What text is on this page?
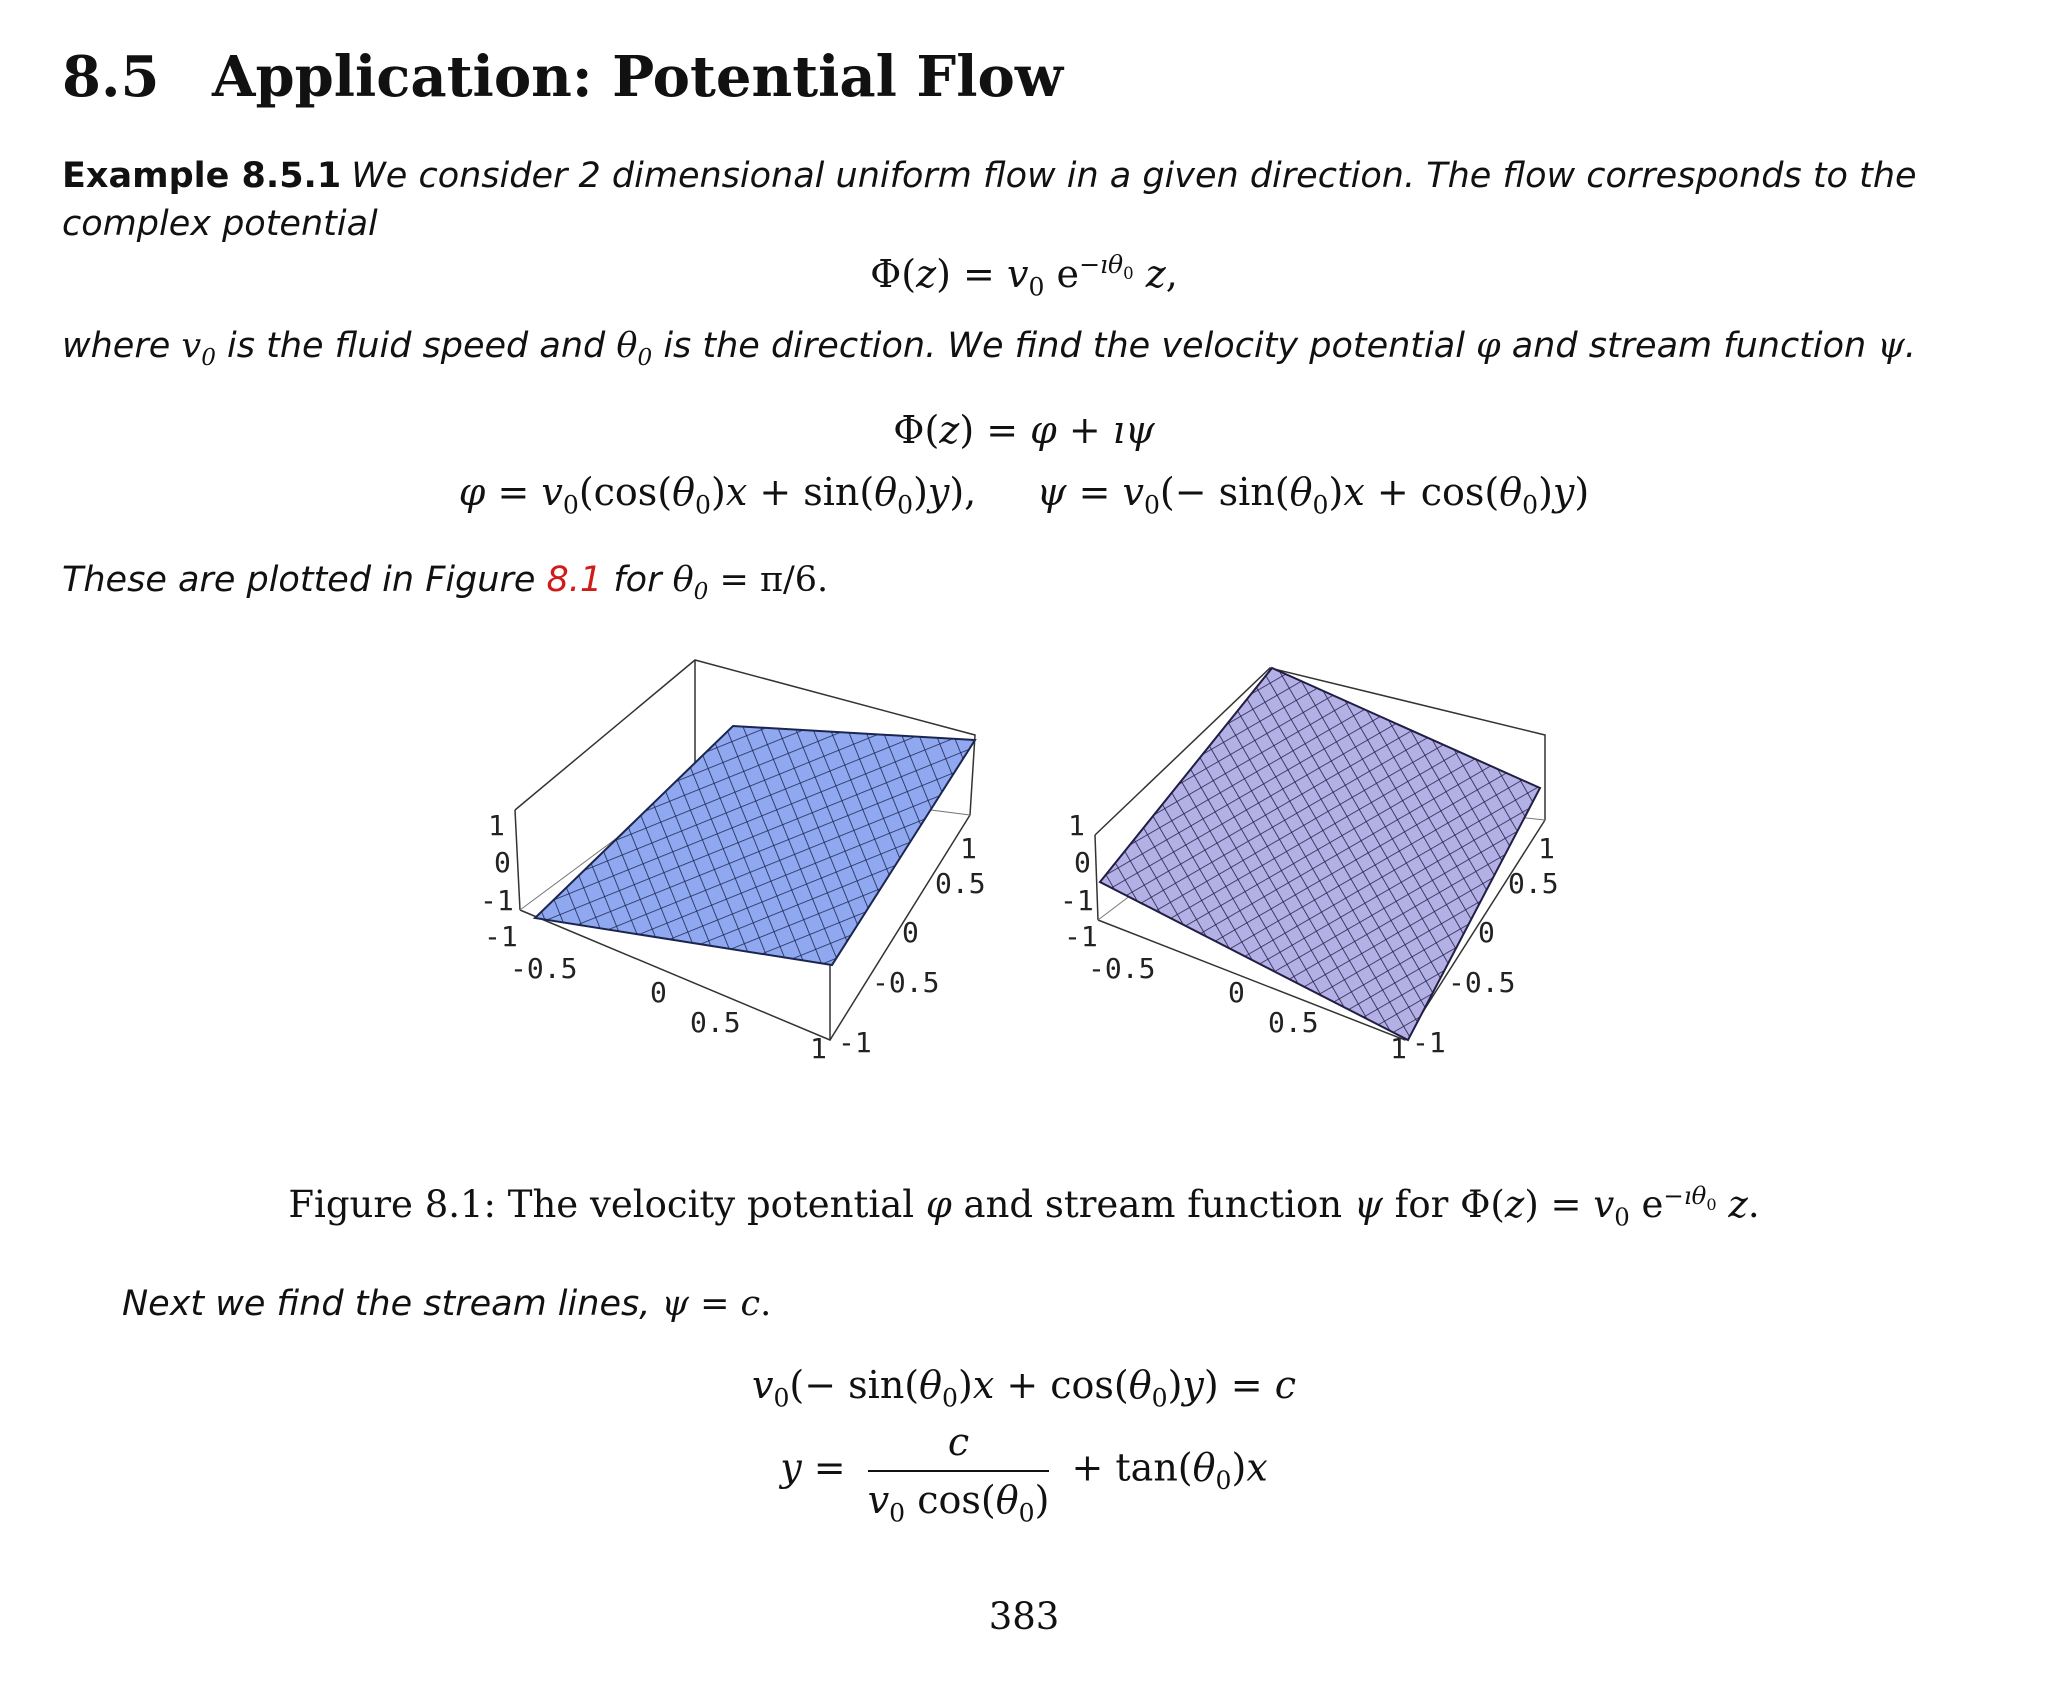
8.5 Application: Potential Flow
Example 8.5.1 We consider 2 dimensional uniform flow in a given direction. The flow corresponds to the complex potential
$\Phi(z) = v_0$ $e^{-ı\theta_0}$ z,
where $v_0$ is the fluid speed and $\theta_0$ is the direction. We find the velocity potential φ and stream function ψ.
Φ(z) = φ + ıψ
$\varphi = v_0(\cos(\theta_0)x + \sin(\theta_0)y)$,     $\psi = v_0(- \sin(\theta_0)x + \cos(\theta_0)y)$
These are plotted in Figure 8.1 for $\theta_0 = \pi/6$.
1
0
-1
-1
-0.5
0
0.5
1 -1
-0.5
0
0.5
1
1
0
-1
-1
-0.5
0
0.5
1 -1
-0.5
0
0.5
1
Figure 8.1: The velocity potential φ and stream function ψ for $\Phi(z) = v_0$ $e^{-ı\theta_0}$ z.
Next we find the stream lines, ψ = c.
$v_0(- \sin(\theta_0)x + \cos(\theta_0)y) = c$
$y = \frac{c}{v_0 \cos(\theta_0)} + \tan(\theta_0)x$
383
